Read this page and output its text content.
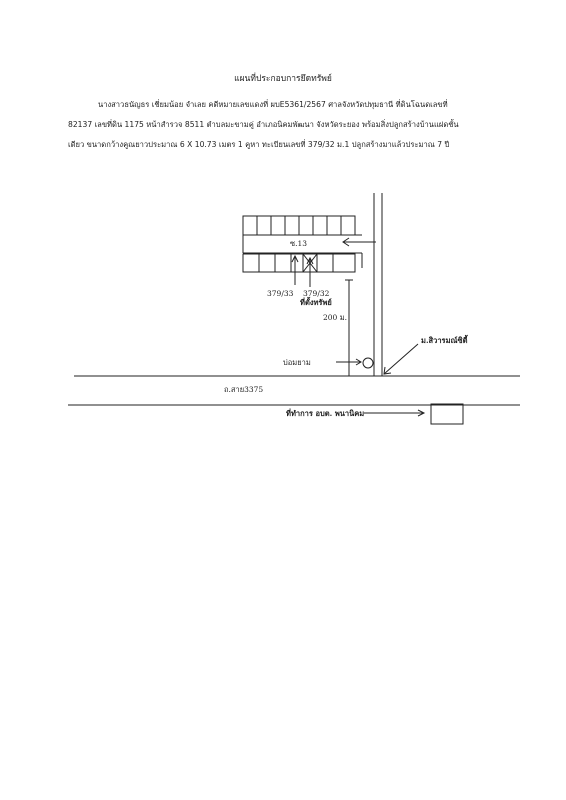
แผนที่ประกอบการยึดทรัพย์
นางสาวธนัญธร เชี่ยมน้อย จำเลย คดีหมายเลขแดงที่ ผบE5361/2567 ศาลจังหวัดปทุมธานี ที่ดินโฉนดเลขที่
82137 เลขที่ดิน 1175 หน้าสำรวจ 8511 ตำบลมะขามคู่ อำเภอนิคมพัฒนา จังหวัดระยอง พร้อมสิ่งปลูกสร้างบ้านแฝดชั้น
เดียว ขนาดกว้างคูณยาวประมาณ 6 X 10.73 เมตร 1 คูหา ทะเบียนเลขที่ 379/32 ม.1 ปลูกสร้างมาแล้วประมาณ 7 ปี
ซ.13
379/33 379/32
ที่ตั้งทรัพย์
200 ม.
บ่อมยาม
ม.สิวารมณ์ซิตี้
ถ.สาย3375
ที่ทำการ อบต. พนานิคม
